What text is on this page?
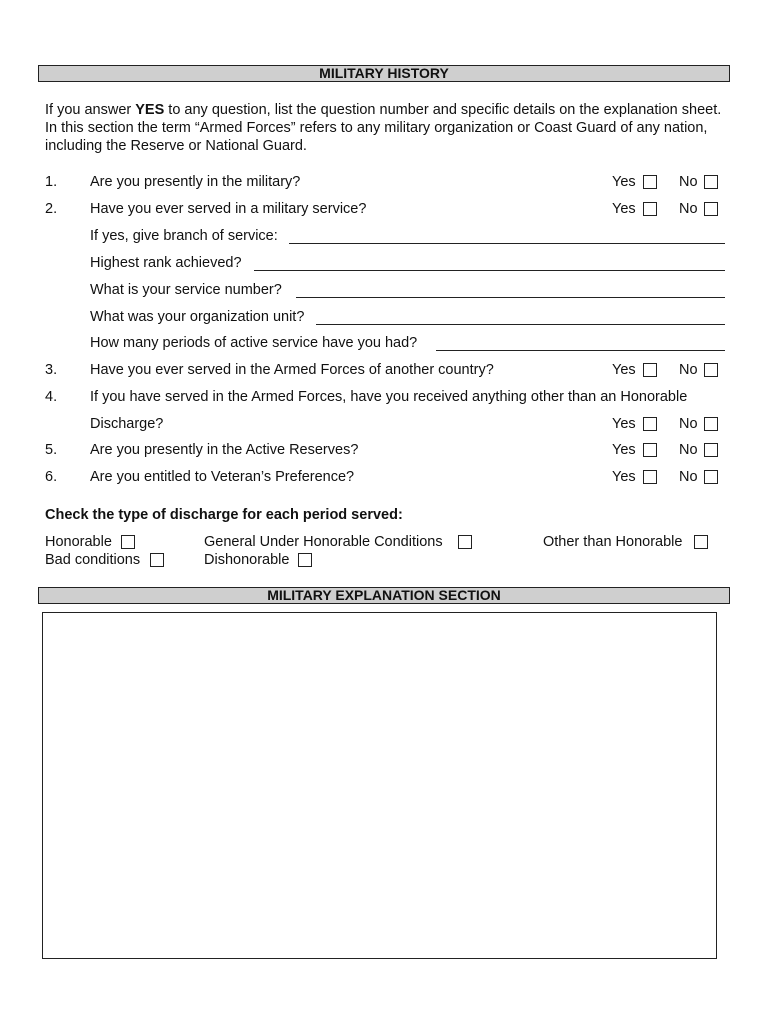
MILITARY HISTORY
If you answer YES to any question, list the question number and specific details on the explanation sheet. In this section the term “Armed Forces” refers to any military organization or Coast Guard of any nation, including the Reserve or National Guard.
1. Are you presently in the military?	Yes	No
2. Have you ever served in a military service?	Yes	No
If yes, give branch of service:
Highest rank achieved?
What is your service number?
What was your organization unit?
How many periods of active service have you had?
3. Have you ever served in the Armed Forces of another country?	Yes	No
4. If you have served in the Armed Forces, have you received anything other than an Honorable
Discharge?	Yes	No
5. Are you presently in the Active Reserves?	Yes	No
6. Are you entitled to Veteran’s Preference?	Yes	No
Check the type of discharge for each period served:
Honorable	General Under Honorable Conditions	Other than Honorable
Bad conditions	Dishonorable
MILITARY EXPLANATION SECTION
